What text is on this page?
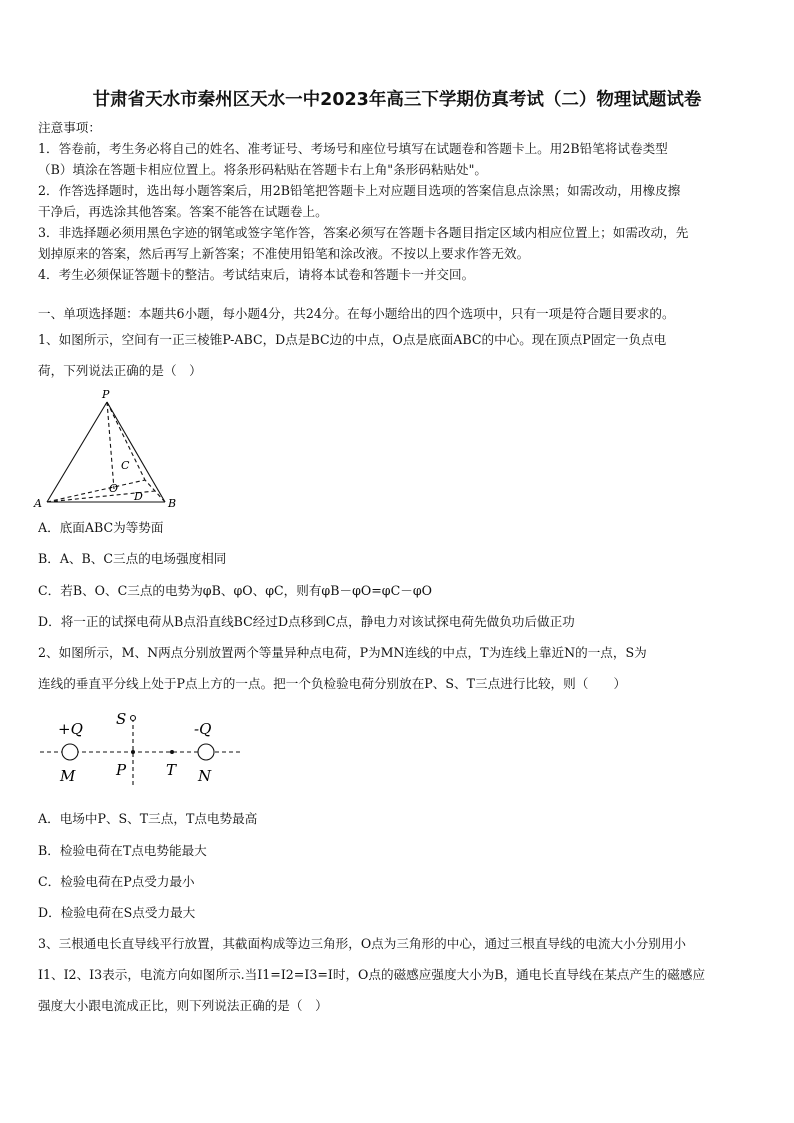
甘肃省天水市秦州区天水一中2023年高三下学期仿真考试（二）物理试题试卷
注意事项：
1．答卷前，考生务必将自己的姓名、准考证号、考场号和座位号填写在试题卷和答题卡上。用2B铅笔将试卷类型
（B）填涂在答题卡相应位置上。将条形码粘贴在答题卡右上角"条形码粘贴处"。
2．作答选择题时，选出每小题答案后，用2B铅笔把答题卡上对应题目选项的答案信息点涂黑；如需改动，用橡皮擦
干净后，再选涂其他答案。答案不能答在试题卷上。
3．非选择题必须用黑色字迹的钢笔或签字笔作答，答案必须写在答题卡各题目指定区域内相应位置上；如需改动，先
划掉原来的答案，然后再写上新答案；不准使用铅笔和涂改液。不按以上要求作答无效。
4．考生必须保证答题卡的整洁。考试结束后，请将本试卷和答题卡一并交回。
一、单项选择题：本题共6小题，每小题4分，共24分。在每小题给出的四个选项中，只有一项是符合题目要求的。
1、如图所示，空间有一正三棱锥P-ABC，D点是BC边的中点，O点是底面ABC的中心。现在顶点P固定一负点电
荷，下列说法正确的是（　）
P
A	B
C
O
D
A．底面ABC为等势面
B．A、B、C三点的电场强度相同
C．若B、O、C三点的电势为φB、φO、φC，则有φB－φO=φC－φO
D．将一正的试探电荷从B点沿直线BC经过D点移到C点，静电力对该试探电荷先做负功后做正功
2、如图所示，M、N两点分别放置两个等量异种点电荷，P为MN连线的中点，T为连线上靠近N的一点，S为
连线的垂直平分线上处于P点上方的一点。把一个负检验电荷分别放在P、S、T三点进行比较，则（　　）
+Q	-Q
S
M	P	T N
A．电场中P、S、T三点，T点电势最高
B．检验电荷在T点电势能最大
C．检验电荷在P点受力最小
D．检验电荷在S点受力最大
3、三根通电长直导线平行放置，其截面构成等边三角形，O点为三角形的中心，通过三根直导线的电流大小分别用小
I1、I2、I3表示，电流方向如图所示.当I1=I2=I3=I时，O点的磁感应强度大小为B，通电长直导线在某点产生的磁感应
强度大小跟电流成正比，则下列说法正确的是（　）
